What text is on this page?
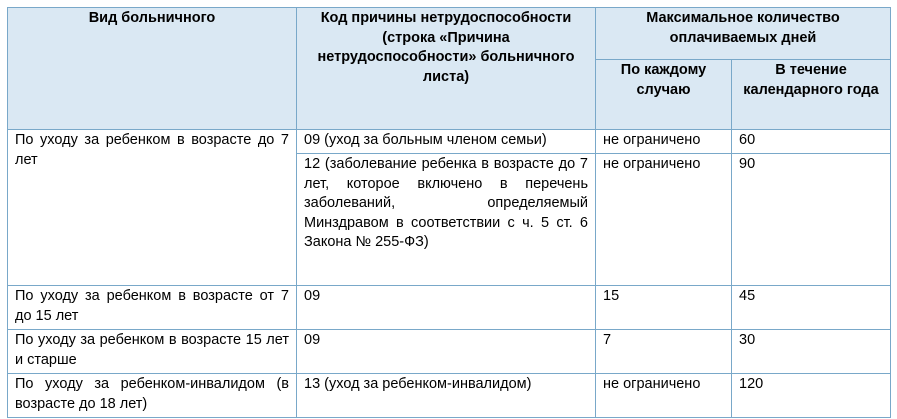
Вид больничного	Код причины нетрудоспособности (строка «Причина нетрудоспособности» больничного листа)	Максимальное количество оплачиваемых дней	
		По каждому случаю	В течение календарного года
По уходу за ребенком в возрасте до 7 лет	09 (уход за больным членом семьи)	не ограничено	60
	12 (заболевание ребенка в возрасте до 7 лет, которое включено в перечень заболеваний, определяемый Минздравом в соответствии с ч. 5 ст. 6 Закона № 255-ФЗ)	не ограничено	90
По уходу за ребенком в возрасте от 7 до 15 лет	09	15	45
По уходу за ребенком в возрасте 15 лет и старше	09	7	30
По уходу за ребенком-инвалидом (в возрасте до 18 лет)	13 (уход за ребенком-инвалидом)	не ограничено	120
